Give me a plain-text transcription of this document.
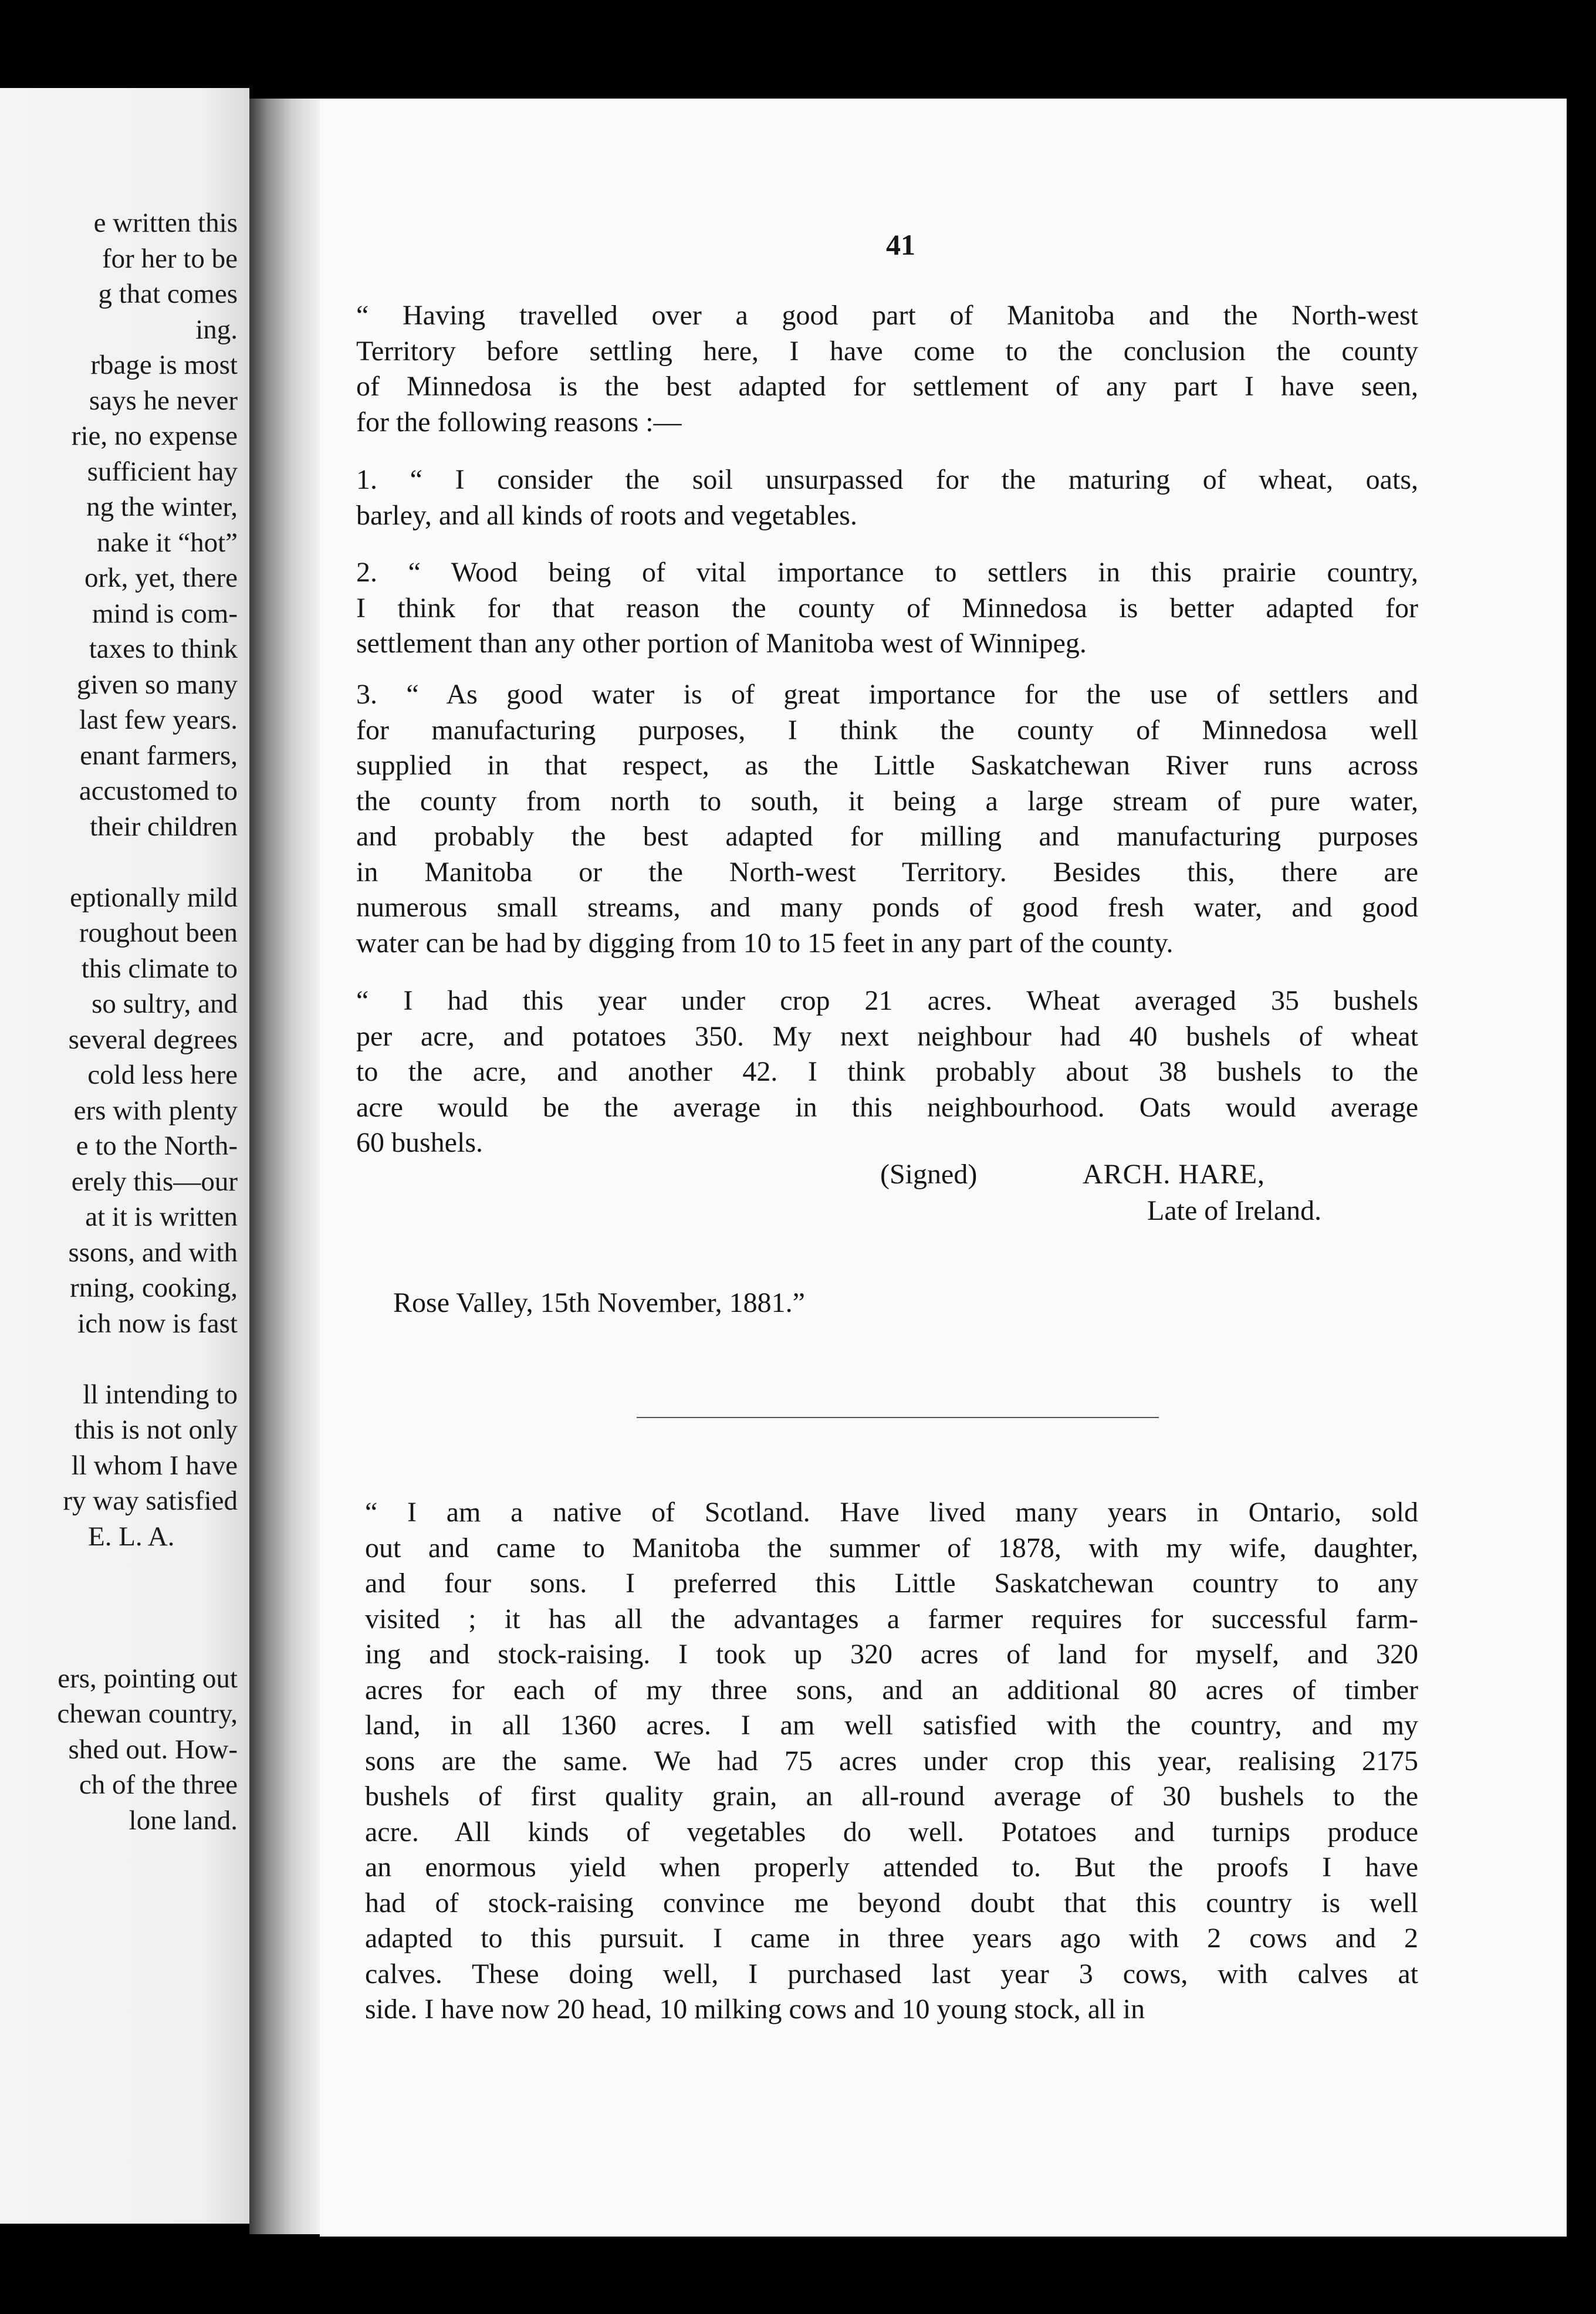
e written this
for her to be
g that comes
ing.
rbage is most
says he never
rie, no expense
sufficient hay
ng the winter,
nake it “hot”
ork, yet, there
mind is com-
taxes to think
given so many
last few years.
enant farmers,
accustomed to
their children
eptionally mild
roughout been
this climate to
so sultry, and
several degrees
cold less here
ers with plenty
e to the North-
erely this—our
at it is written
ssons, and with
rning, cooking,
ich now is fast
ll intending to
this is not only
ll whom I have
ry way satisfied
E. L. A.
ers, pointing out
chewan country,
shed out. How-
ch of the three
lone land.
41
“ Having travelled over a good part of Manitoba and the North-west
Territory before settling here, I have come to the conclusion the county
of Minnedosa is the best adapted for settlement of any part I have seen,
for the following reasons :—
1. “ I consider the soil unsurpassed for the maturing of wheat, oats,
barley, and all kinds of roots and vegetables.
2. “ Wood being of vital importance to settlers in this prairie country,
I think for that reason the county of Minnedosa is better adapted for
settlement than any other portion of Manitoba west of Winnipeg.
3. “ As good water is of great importance for the use of settlers and
for manufacturing purposes, I think the county of Minnedosa well
supplied in that respect, as the Little Saskatchewan River runs across
the county from north to south, it being a large stream of pure water,
and probably the best adapted for milling and manufacturing purposes
in Manitoba or the North-west Territory. Besides this, there are
numerous small streams, and many ponds of good fresh water, and good
water can be had by digging from 10 to 15 feet in any part of the county.
“ I had this year under crop 21 acres. Wheat averaged 35 bushels
per acre, and potatoes 350. My next neighbour had 40 bushels of wheat
to the acre, and another 42. I think probably about 38 bushels to the
acre would be the average in this neighbourhood. Oats would average
60 bushels.
(Signed)	ARCH. HARE,
Late of Ireland.
Rose Valley, 15th November, 1881.”
“ I am a native of Scotland. Have lived many years in Ontario, sold
out and came to Manitoba the summer of 1878, with my wife, daughter,
and four sons. I preferred this Little Saskatchewan country to any
visited ; it has all the advantages a farmer requires for successful farm-
ing and stock-raising. I took up 320 acres of land for myself, and 320
acres for each of my three sons, and an additional 80 acres of timber
land, in all 1360 acres. I am well satisfied with the country, and my
sons are the same. We had 75 acres under crop this year, realising 2175
bushels of first quality grain, an all-round average of 30 bushels to the
acre. All kinds of vegetables do well. Potatoes and turnips produce
an enormous yield when properly attended to. But the proofs I have
had of stock-raising convince me beyond doubt that this country is well
adapted to this pursuit. I came in three years ago with 2 cows and 2
calves. These doing well, I purchased last year 3 cows, with calves at
side. I have now 20 head, 10 milking cows and 10 young stock, all in
